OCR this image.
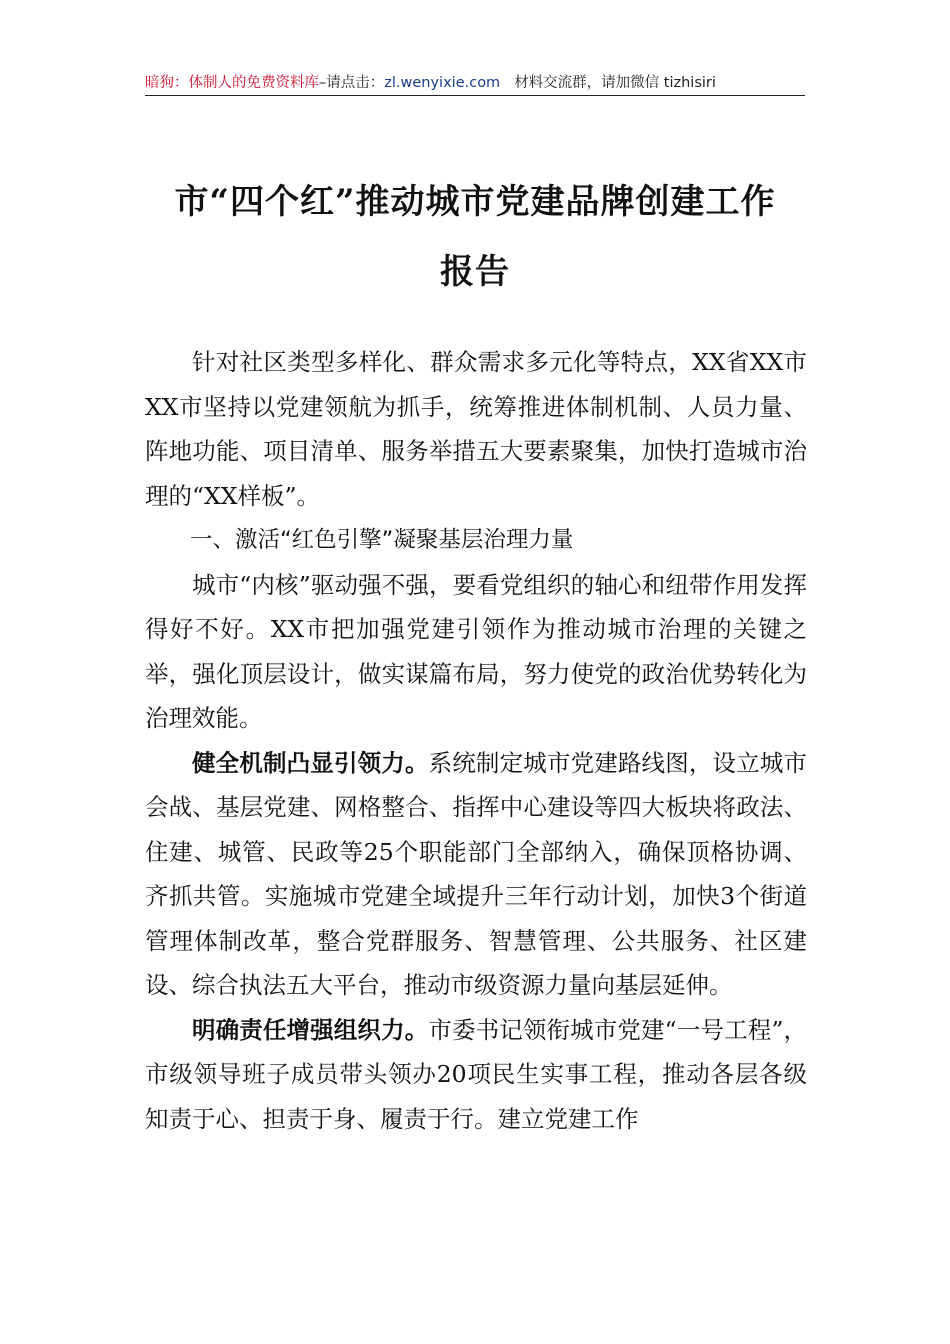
暗狗：体制人的免费资料库–请点击：zl.wenyixie.com 材料交流群，请加微信 tizhisiri
市“四个红”推动城市党建品牌创建工作
报告

针对社区类型多样化、群众需求多元化等特点，XX省XX市XX市坚持以党建领航为抓手，统筹推进体制机制、人员力量、阵地功能、项目清单、服务举措五大要素聚集，加快打造城市治理的“XX样板”。

一、激活“红色引擎”凝聚基层治理力量

城市“内核”驱动强不强，要看党组织的轴心和纽带作用发挥得好不好。XX市把加强党建引领作为推动城市治理的关键之举，强化顶层设计，做实谋篇布局，努力使党的政治优势转化为治理效能。

健全机制凸显引领力。系统制定城市党建路线图，设立城市会战、基层党建、网格整合、指挥中心建设等四大板块将政法、住建、城管、民政等25个职能部门全部纳入，确保顶格协调、齐抓共管。实施城市党建全域提升三年行动计划，加快3个街道管理体制改革，整合党群服务、智慧管理、公共服务、社区建设、综合执法五大平台，推动市级资源力量向基层延伸。

明确责任增强组织力。市委书记领衔城市党建“一号工程”，市级领导班子成员带头领办20项民生实事工程，推动各层各级知责于心、担责于身、履责于行。建立党建工作
